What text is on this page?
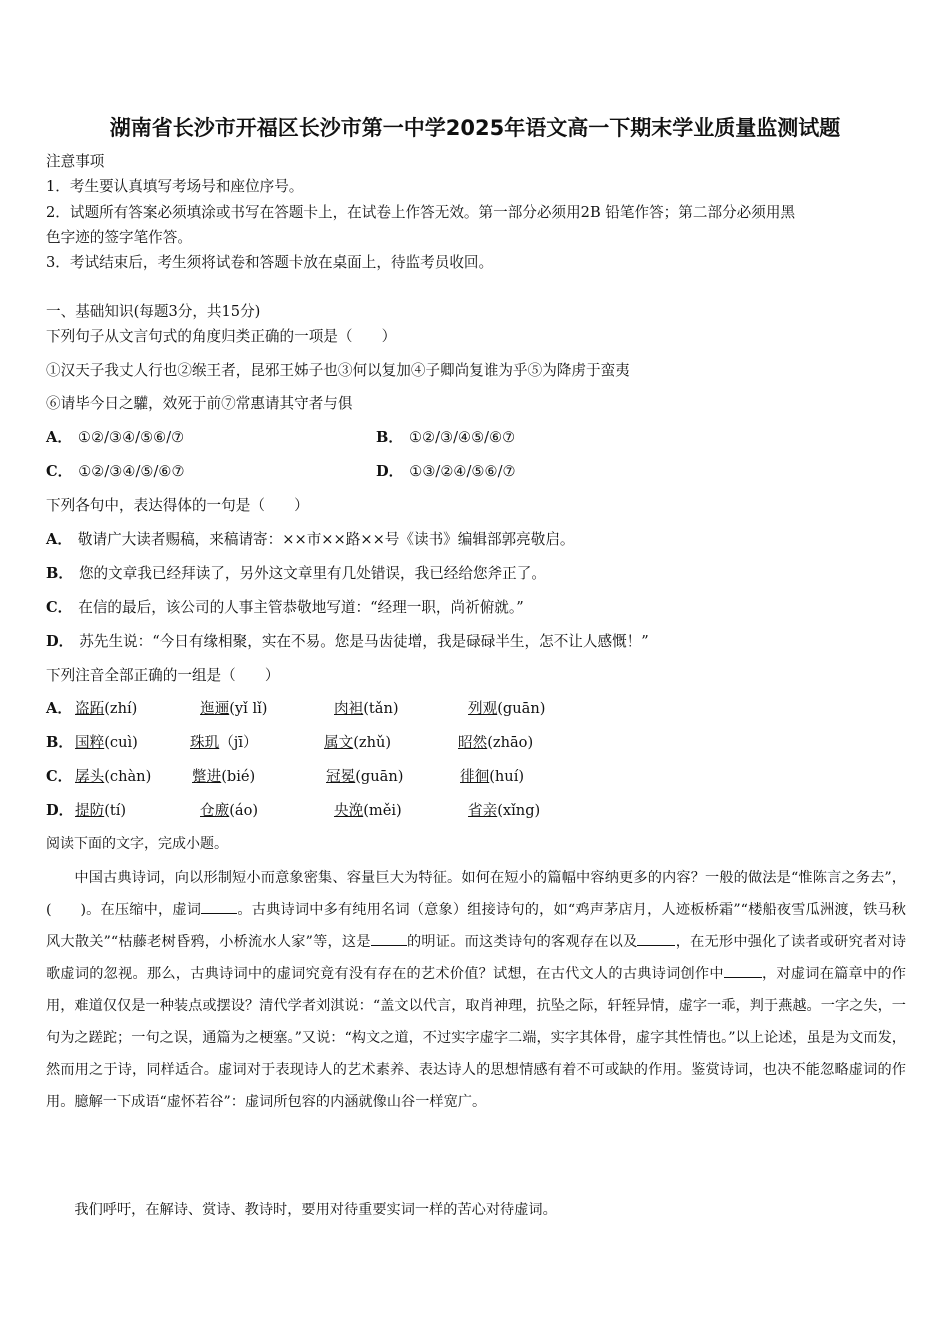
湖南省长沙市开福区长沙市第一中学2025年语文高一下期末学业质量监测试题
注意事项
1．考生要认真填写考场号和座位序号。
2．试题所有答案必须填涂或书写在答题卡上，在试卷上作答无效。第一部分必须用2B 铅笔作答；第二部分必须用黑
色字迹的签字笔作答。
3．考试结束后，考生须将试卷和答题卡放在桌面上，待监考员收回。
一、基础知识(每题3分，共15分)
下列句子从文言句式的角度归类正确的一项是（　　）
①汉天子我丈人行也②缑王者，昆邪王姊子也③何以复加④子卿尚复谁为乎⑤为降虏于蛮夷
⑥请毕今日之驩，效死于前⑦常惠请其守者与俱
A． ①②/③④/⑤⑥/⑦	B． ①②/③/④⑤/⑥⑦
C． ①②/③④/⑤/⑥⑦	D． ①③/②④/⑤⑥/⑦
下列各句中，表达得体的一句是（　　）
A． 敬请广大读者赐稿，来稿请寄：××市××路××号《读书》编辑部郭亮敬启。
B． 您的文章我已经拜读了，另外这文章里有几处错误，我已经给您斧正了。
C． 在信的最后，该公司的人事主管恭敬地写道：“经理一职，尚祈俯就。”
D． 苏先生说：“今日有缘相聚，实在不易。您是马齿徒增，我是碌碌半生，怎不让人感慨！”
下列注音全部正确的一组是（　　）
A． 盗跖(zhí)	迤逦(yǐ lǐ)	肉袒(tǎn)	列观(guān)
B． 国粹(cuì)	珠玑（jī）	属文(zhǔ)	昭然(zhāo)
C． 孱头(chàn)	蹩进(bié)	冠冕(guān)	徘徊(huí)
D． 提防(tí)	仓廒(áo)	央浼(měi)	省亲(xǐng)
阅读下面的文字，完成小题。
中国古典诗词，向以形制短小而意象密集、容量巨大为特征。如何在短小的篇幅中容纳更多的内容？一般的做法是“惟陈言之务去”，(　　)。在压缩中，虚词	。古典诗词中多有纯用名词（意象）组接诗句的，如“鸡声茅店月，人迹板桥霜”“楼船夜雪瓜洲渡，铁马秋风大散关”“枯藤老树昏鸦，小桥流水人家”等，这是	的明证。而这类诗句的客观存在以及	，在无形中强化了读者或研究者对诗歌虚词的忽视。那么，古典诗词中的虚词究竟有没有存在的艺术价值？试想，在古代文人的古典诗词创作中	，对虚词在篇章中的作用，难道仅仅是一种装点或摆设？清代学者刘淇说：“盖文以代言，取肖神理，抗坠之际，轩轾异情，虚字一乖，判于燕越。一字之失，一句为之蹉跎；一句之误，通篇为之梗塞。”又说：“构文之道，不过实字虚字二端，实字其体骨，虚字其性情也。”以上论述，虽是为文而发，然而用之于诗，同样适合。虚词对于表现诗人的艺术素养、表达诗人的思想情感有着不可或缺的作用。鉴赏诗词，也决不能忽略虚词的作用。臆解一下成语“虚怀若谷”：虚词所包容的内涵就像山谷一样宽广。
我们呼吁，在解诗、赏诗、教诗时，要用对待重要实词一样的苦心对待虚词。
